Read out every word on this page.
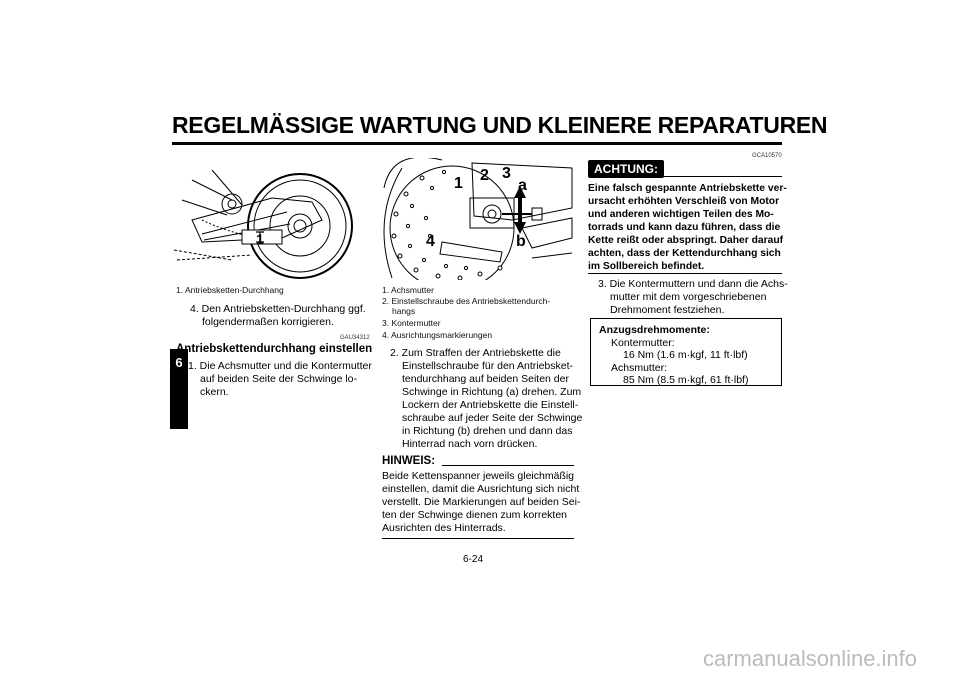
REGELMÄSSIGE WARTUNG UND KLEINERE REPARATUREN
6
1
1. Antriebsketten-Durchhang
4. Den Antriebsketten-Durchhang ggf.
folgendermaßen korrigieren.
GAU34312
Antriebskettendurchhang einstellen
1. Die Achsmutter und die Kontermutter
auf beiden Seite der Schwinge lo-
ckern.
1 2 3
4
a
b
1. Achsmutter
2. Einstellschraube des Antriebskettendurch-
hangs
3. Kontermutter
4. Ausrichtungsmarkierungen
2. Zum Straffen der Antriebskette die
Einstellschraube für den Antriebsket-
tendurchhang auf beiden Seiten der
Schwinge in Richtung (a) drehen. Zum
Lockern der Antriebskette die Einstell-
schraube auf jeder Seite der Schwinge
in Richtung (b) drehen und dann das
Hinterrad nach vorn drücken.
HINWEIS:
Beide Kettenspanner jeweils gleichmäßig
einstellen, damit die Ausrichtung sich nicht
verstellt. Die Markierungen auf beiden Sei-
ten der Schwinge dienen zum korrekten
Ausrichten des Hinterrads.
GCA10570
ACHTUNG:
Eine falsch gespannte Antriebskette ver-
ursacht erhöhten Verschleiß von Motor
und anderen wichtigen Teilen des Mo-
torrads und kann dazu führen, dass die
Kette reißt oder abspringt. Daher darauf
achten, dass der Kettendurchhang sich
im Sollbereich befindet.
3. Die Kontermuttern und dann die Achs-
mutter mit dem vorgeschriebenen
Drehmoment festziehen.
Anzugsdrehmomente:
Kontermutter:
16 Nm (1.6 m·kgf, 11 ft·lbf)
Achsmutter:
85 Nm (8.5 m·kgf, 61 ft·lbf)
6-24
carmanualsonline.info
